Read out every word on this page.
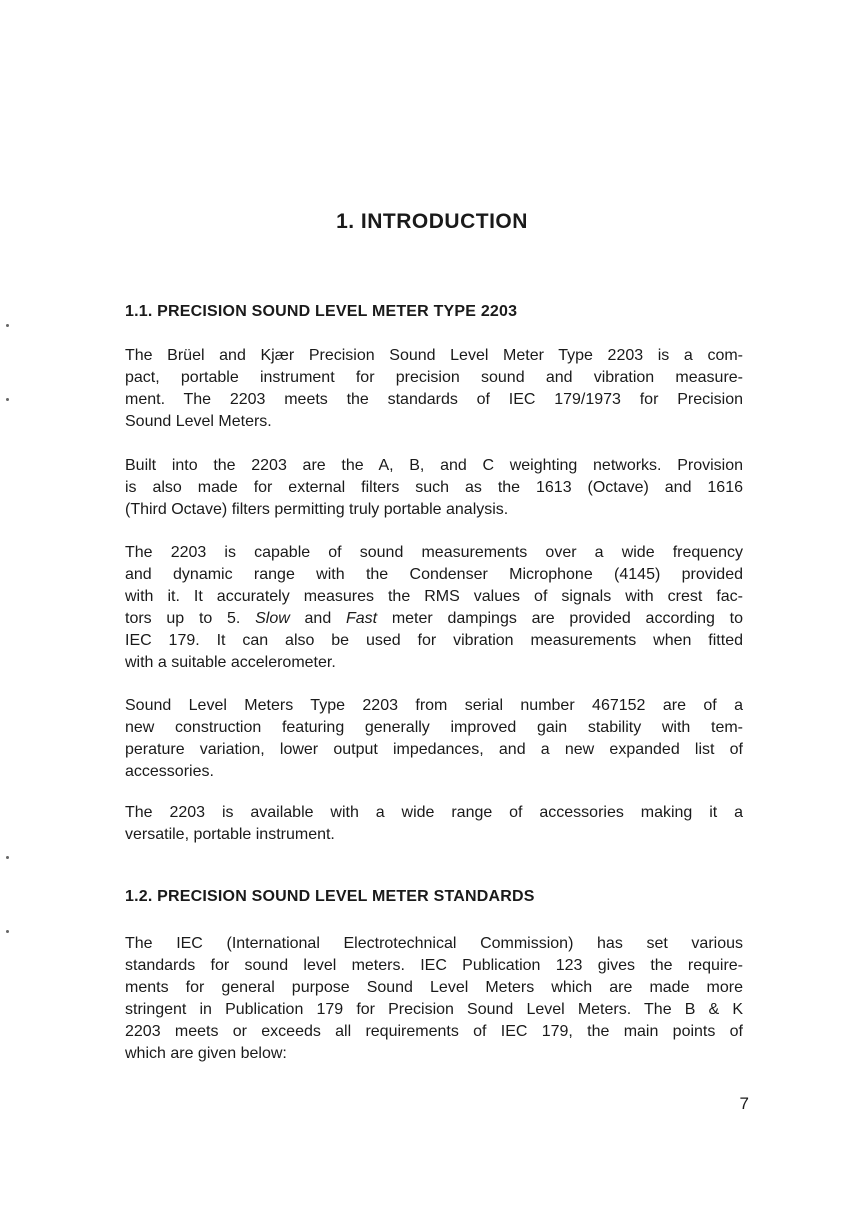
1. INTRODUCTION
1.1. PRECISION SOUND LEVEL METER TYPE 2203

The Brüel and Kjær Precision Sound Level Meter Type 2203 is a com-
pact, portable instrument for precision sound and vibration measure-
ment. The 2203 meets the standards of IEC 179/1973 for Precision
Sound Level Meters.

Built into the 2203 are the A, B, and C weighting networks. Provision
is also made for external filters such as the 1613 (Octave) and 1616
(Third Octave) filters permitting truly portable analysis.

The 2203 is capable of sound measurements over a wide frequency
and dynamic range with the Condenser Microphone (4145) provided
with it. It accurately measures the RMS values of signals with crest fac-
tors up to 5. Slow and Fast meter dampings are provided according to
IEC 179. It can also be used for vibration measurements when fitted
with a suitable accelerometer.

Sound Level Meters Type 2203 from serial number 467152 are of a
new construction featuring generally improved gain stability with tem-
perature variation, lower output impedances, and a new expanded list of
accessories.

The 2203 is available with a wide range of accessories making it a
versatile, portable instrument.

1.2. PRECISION SOUND LEVEL METER STANDARDS

The IEC (International Electrotechnical Commission) has set various
standards for sound level meters. IEC Publication 123 gives the require-
ments for general purpose Sound Level Meters which are made more
stringent in Publication 179 for Precision Sound Level Meters. The B & K
2203 meets or exceeds all requirements of IEC 179, the main points of
which are given below:

7
